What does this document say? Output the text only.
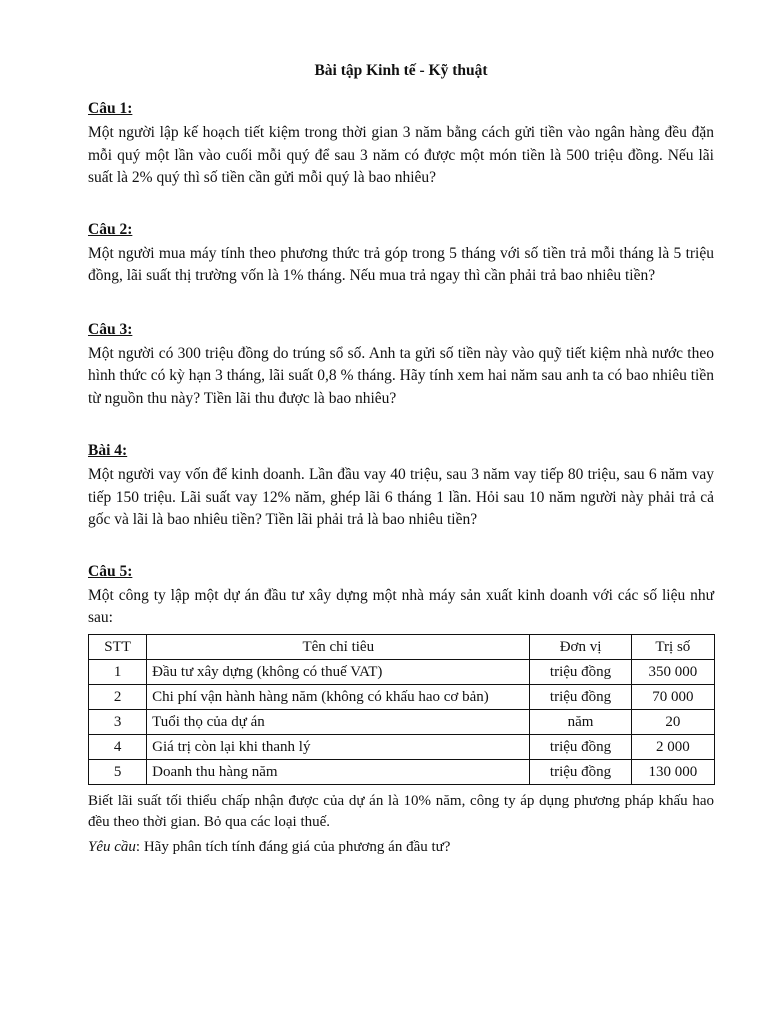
Bài tập Kinh tế - Kỹ thuật
Câu 1:

Một người lập kế hoạch tiết kiệm trong thời gian 3 năm bằng cách gửi tiền vào ngân hàng đều đặn mỗi quý một lần vào cuối mỗi quý để sau 3 năm có được một món tiền là 500 triệu đồng. Nếu lãi suất là 2% quý thì số tiền cần gửi mỗi quý là bao nhiêu?

Câu 2:

Một người mua máy tính theo phương thức trả góp trong 5 tháng với số tiền trả mỗi tháng là 5 triệu đồng, lãi suất thị trường vốn là 1% tháng. Nếu mua trả ngay thì cần phải trả bao nhiêu tiền?

Câu 3:

Một người có 300 triệu đồng do trúng sổ số. Anh ta gửi số tiền này vào quỹ tiết kiệm nhà nước theo hình thức có kỳ hạn 3 tháng, lãi suất 0,8 % tháng. Hãy tính xem hai năm sau anh ta có bao nhiêu tiền từ nguồn thu này? Tiền lãi thu được là bao nhiêu?

Bài 4:

Một người vay vốn để kinh doanh. Lần đầu vay 40 triệu, sau 3 năm vay tiếp 80 triệu, sau 6 năm vay tiếp 150 triệu. Lãi suất vay 12% năm, ghép lãi 6 tháng 1 lần. Hỏi sau 10 năm người này phải trả cả gốc và lãi là bao nhiêu tiền? Tiền lãi phải trả là bao nhiêu tiền?

Câu 5:

Một công ty lập một dự án đầu tư xây dựng một nhà máy sản xuất kinh doanh với các số liệu như sau:

STT	Tên chỉ tiêu	Đơn vị	Trị số
1	Đầu tư xây dựng (không có thuế VAT)	triệu đồng	350 000
2	Chi phí vận hành hàng năm (không có khấu hao cơ bản)	triệu đồng	70 000
3	Tuổi thọ của dự án	năm	20
4	Giá trị còn lại khi thanh lý	triệu đồng	2 000
5	Doanh thu hàng năm	triệu đồng	130 000

Biết lãi suất tối thiểu chấp nhận được của dự án là 10% năm, công ty áp dụng phương pháp khấu hao đều theo thời gian. Bỏ qua các loại thuế.

Yêu cầu: Hãy phân tích tính đáng giá của phương án đầu tư?
